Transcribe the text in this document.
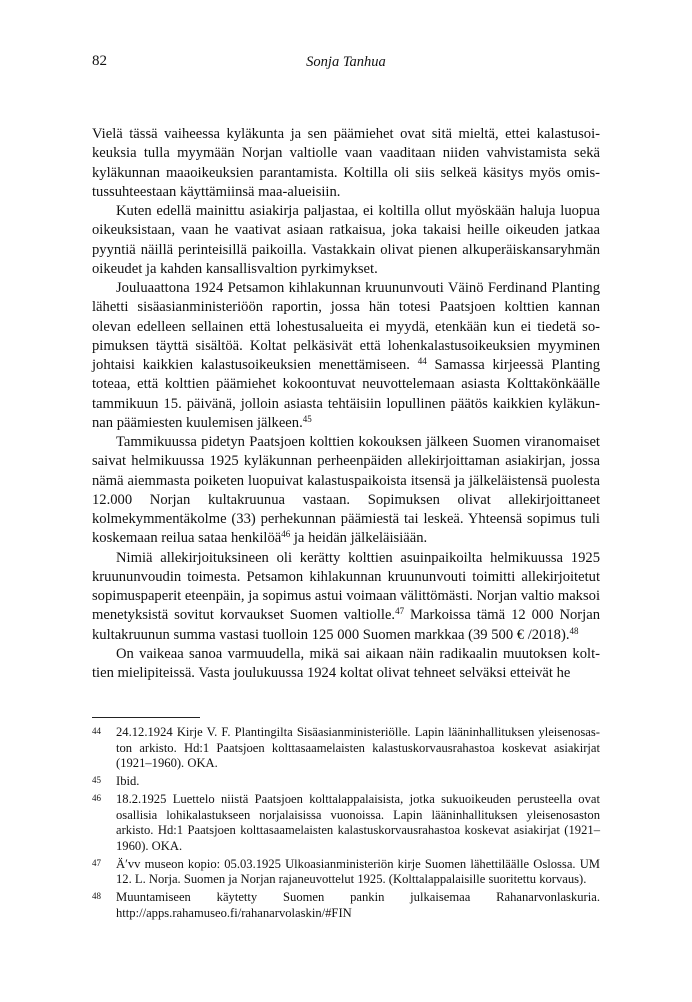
82	Sonja Tanhua

Vielä tässä vaiheessa kyläkunta ja sen päämiehet ovat sitä mieltä, ettei kalastusoikeuksia tulla myymään Norjan valtiolle vaan vaaditaan niiden vahvistamista sekä kyläkunnan maaoikeuksien parantamista. Koltilla oli siis selkeä käsitys myös omistussuhteestaan käyttämiinsä maa-alueisiin.

Kuten edellä mainittu asiakirja paljastaa, ei koltilla ollut myöskään haluja luopua oikeuksistaan, vaan he vaativat asiaan ratkaisua, joka takaisi heille oikeuden jatkaa pyyntiä näillä perinteisillä paikoilla. Vastakkain olivat pienen alkuperäiskansaryhmän oikeudet ja kahden kansallisvaltion pyrkimykset.

Jouluaattona 1924 Petsamon kihlakunnan kruununvouti Väinö Ferdinand Planting lähetti sisäasianministeriöön raportin, jossa hän totesi Paatsjoen kolttien kannan olevan edelleen sellainen että lohestusalueita ei myydä, etenkään kun ei tiedetä sopimuksen täyttä sisältöä. Koltat pelkäsivät että lohenkalastusoikeuksien myyminen johtaisi kaikkien kalastusoikeuksien menettämiseen. $^{44}$ Samassa kirjeessä Planting toteaa, että kolttien päämiehet kokoontuvat neuvottelemaan asiasta Kolttakönkäälle tammikuun 15. päivänä, jolloin asiasta tehtäisiin lopullinen päätös kaikkien kyläkunnan päämiesten kuulemisen jälkeen.$^{45}$

Tammikuussa pidetyn Paatsjoen kolttien kokouksen jälkeen Suomen viranomaiset saivat helmikuussa 1925 kyläkunnan perheenpäiden allekirjoittaman asiakirjan, jossa nämä aiemmasta poiketen luopuivat kalastuspaikoista itsensä ja jälkeläistensä puolesta 12.000 Norjan kultakruunua vastaan. Sopimuksen olivat allekirjoittaneet kolmekymmentäkolme (33) perhekunnan päämiestä tai leskeä. Yhteensä sopimus tuli koskemaan reilua sataa henkilöä$^{46}$ ja heidän jälkeläisiään.

Nimiä allekirjoituksineen oli kerätty kolttien asuinpaikoilta helmikuussa 1925 kruununvoudin toimesta. Petsamon kihlakunnan kruununvouti toimitti allekirjoitetut sopimuspaperit eteenpäin, ja sopimus astui voimaan välittömästi. Norjan valtio maksoi menetyksistä sovitut korvaukset Suomen valtiolle.$^{47}$ Markoissa tämä 12 000 Norjan kultakruunun summa vastasi tuolloin 125 000 Suomen markkaa (39 500 € /2018).$^{48}$

On vaikeaa sanoa varmuudella, mikä sai aikaan näin radikaalin muutoksen kolttien mielipiteissä. Vasta joulukuussa 1924 koltat olivat tehneet selväksi etteivät he

44 24.12.1924 Kirje V. F. Plantingilta Sisäasianministeriölle. Lapin lääninhallituksen yleisenosaston arkisto. Hd:1 Paatsjoen kolttasaamelaisten kalastuskorvausrahastoa koskevat asiakirjat (1921–1960). OKA.
45 Ibid.
46 18.2.1925 Luettelo niistä Paatsjoen kolttalappalaisista, jotka sukuoikeuden perusteella ovat osallisia lohikalastukseen norjalaisissa vuonoissa. Lapin lääninhallituksen yleisenosaston arkisto. Hd:1 Paatsjoen kolttasaamelaisten kalastuskorvausrahastoa koskevat asiakirjat (1921–1960). OKA.
47 Äʹvv museon kopio: 05.03.1925 Ulkoasianministeriön kirje Suomen lähettiläälle Oslossa. UM 12. L. Norja. Suomen ja Norjan rajaneuvottelut 1925. (Kolttalappalaisille suoritettu korvaus).
48 Muuntamiseen käytetty Suomen pankin julkaisemaa Rahanarvonlaskuria. http://apps.rahamuseo.fi/rahanarvolaskin/#FIN
